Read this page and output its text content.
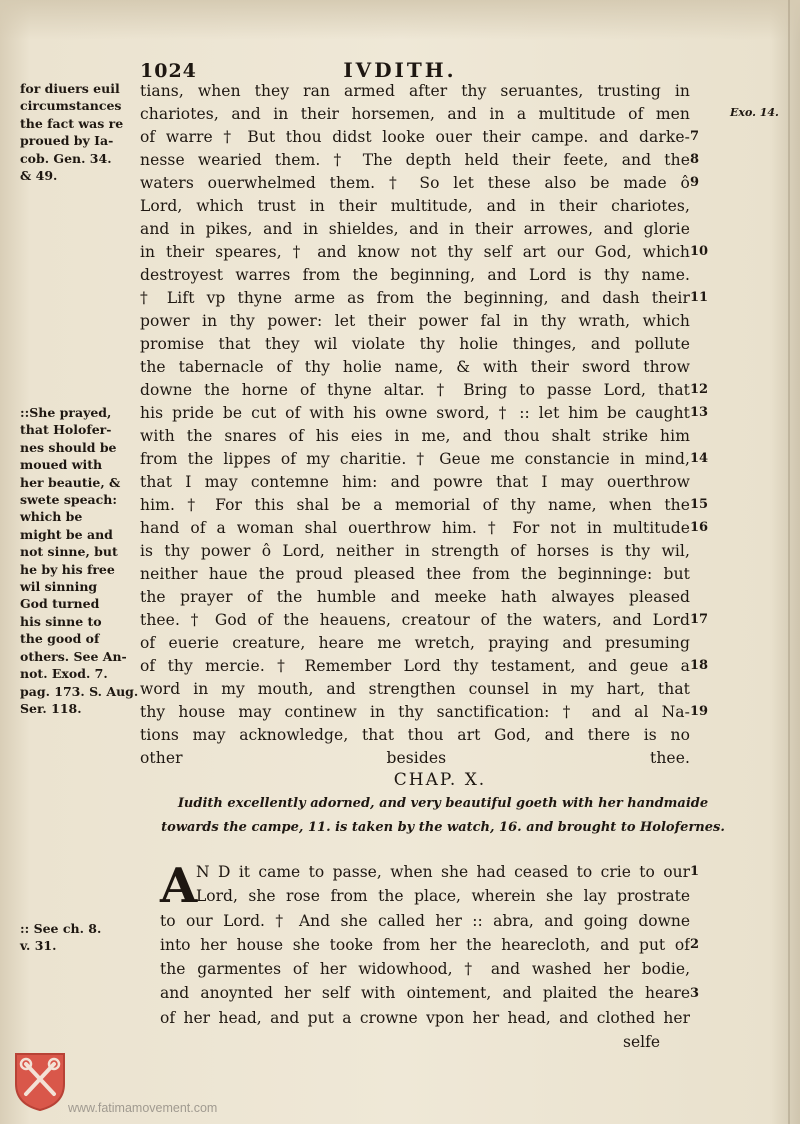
1024	IVDITH.
for diuers euil
circumstances
the fact was re
proued by Ia-
cob. Gen. 34.
& 49.
::She prayed,
that Holofer-
nes should be
moued with
her beautie, &
swete speach:
which be
might be and
not sinne, but
he by his free
wil sinning
God turned
his sinne to
the good of
others. See An-
not. Exod. 7.
pag. 173. S. Aug.
Ser. 118.
:: See ch. 8.
v. 31.
Exo. 14.
tians, when they ran armed after thy seruantes, trusting in
chariotes, and in their horsemen, and in a multitude of men
of warre † But thou didst looke ouer their campe. and darke-
nesse wearied them. † The depth held their feete, and the
waters ouerwhelmed them. † So let these also be made ô
Lord, which trust in their multitude, and in their chariotes,
and in pikes, and in shieldes, and in their arrowes, and glorie
in their speares, † and know not thy self art our God, which
destroyest warres from the beginning, and Lord is thy name.
† Lift vp thyne arme as from the beginning, and dash their
power in thy power: let their power fal in thy wrath, which
promise that they wil violate thy holie thinges, and pollute
the tabernacle of thy holie name, & with their sword throw
downe the horne of thyne altar. † Bring to passe Lord, that
his pride be cut of with his owne sword, † :: let him be caught
with the snares of his eies in me, and thou shalt strike him
from the lippes of my charitie. † Geue me constancie in mind,
that I may contemne him: and powre that I may ouerthrow
him. † For this shal be a memorial of thy name, when the
hand of a woman shal ouerthrow him. † For not in multitude
is thy power ô Lord, neither in strength of horses is thy wil,
neither haue the proud pleased thee from the beginninge: but
the prayer of the humble and meeke hath alwayes pleased
thee. † God of the heauens, creatour of the waters, and Lord
of euerie creature, heare me wretch, praying and presuming
of thy mercie. † Remember Lord thy testament, and geue a
word in my mouth, and strengthen counsel in my hart, that
thy house may continew in thy sanctification: † and al Na-
tions may acknowledge, that thou art God, and there is no
other besides thee.
7
8
9
10
11
12
13
14
15
16
17
18
19
CHAP. X.
Iudith excellently adorned, and very beautiful goeth with her handmaide
towards the campe, 11. is taken by the watch, 16. and brought to Holofernes.
A
N D it came to passe, when she had ceased to crie to our
Lord, she rose from the place, wherein she lay prostrate
to our Lord. † And she called her :: abra, and going downe
into her house she tooke from her the hearecloth, and put of
the garmentes of her widowhood, † and washed her bodie,
and anoynted her self with ointement, and plaited the heare
of her head, and put a crowne vpon her head, and clothed her
selfe
1
2
3
www.fatimamovement.com
